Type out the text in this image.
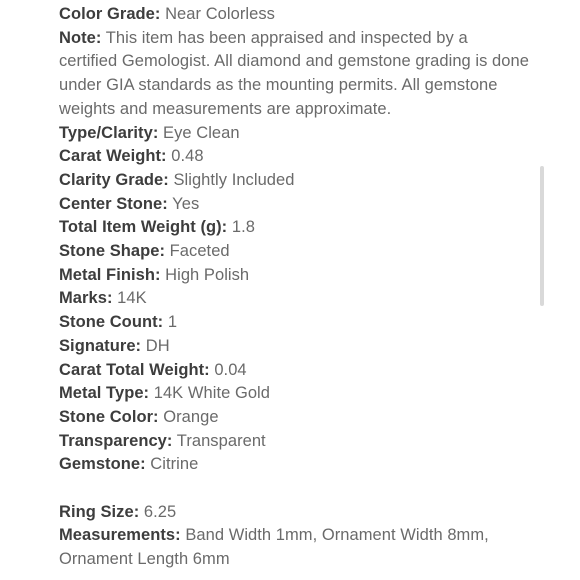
Color Grade: Near Colorless

Note: This item has been appraised and inspected by a certified Gemologist. All diamond and gemstone grading is done under GIA standards as the mounting permits. All gemstone weights and measurements are approximate.

Type/Clarity: Eye Clean

Carat Weight: 0.48

Clarity Grade: Slightly Included

Center Stone: Yes

Total Item Weight (g): 1.8

Stone Shape: Faceted

Metal Finish: High Polish

Marks: 14K

Stone Count: 1

Signature: DH

Carat Total Weight: 0.04

Metal Type: 14K White Gold

Stone Color: Orange

Transparency: Transparent

Gemstone: Citrine

Ring Size: 6.25

Measurements: Band Width 1mm, Ornament Width 8mm, Ornament Length 6mm
